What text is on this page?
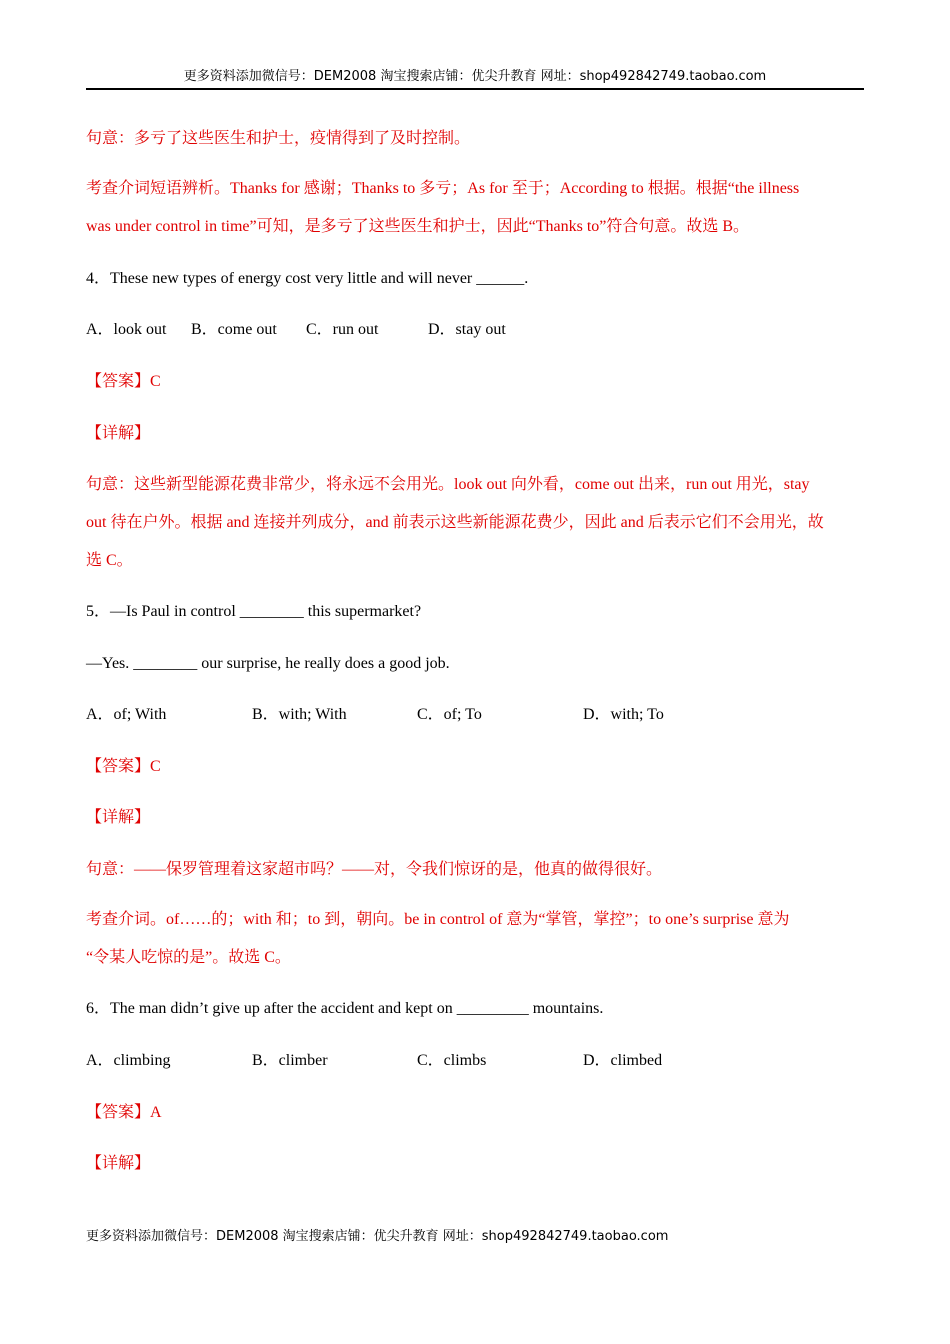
更多资料添加微信号：DEM2008 淘宝搜索店铺：优尖升教育 网址：shop492842749.taobao.com
句意：多亏了这些医生和护士，疫情得到了及时控制。
考查介词短语辨析。Thanks for 感谢；Thanks to 多亏；As for 至于；According to 根据。根据“the illness
was under control in time”可知，是多亏了这些医生和护士，因此“Thanks to”符合句意。故选 B。
4．These new types of energy cost very little and will never ______.
A．look out B．come out C．run out	D．stay out
【答案】C
【详解】
句意：这些新型能源花费非常少，将永远不会用光。look out 向外看，come out 出来，run out 用光，stay
out 待在户外。根据 and 连接并列成分，and 前表示这些新能源花费少，因此 and 后表示它们不会用光，故
选 C。
5．—Is Paul in control ________ this supermarket?
—Yes. ________ our surprise, he really does a good job.
A．of; With	B．with; With	C．of; To	D．with; To
【答案】C
【详解】
句意：——保罗管理着这家超市吗？——对，令我们惊讶的是，他真的做得很好。
考查介词。of……的；with 和；to 到，朝向。be in control of 意为“掌管，掌控”；to one’s surprise 意为
“令某人吃惊的是”。故选 C。
6．The man didn’t give up after the accident and kept on _________ mountains.
A．climbing	B．climber	C．climbs	D．climbed
【答案】A
【详解】
更多资料添加微信号：DEM2008 淘宝搜索店铺：优尖升教育 网址：shop492842749.taobao.com
